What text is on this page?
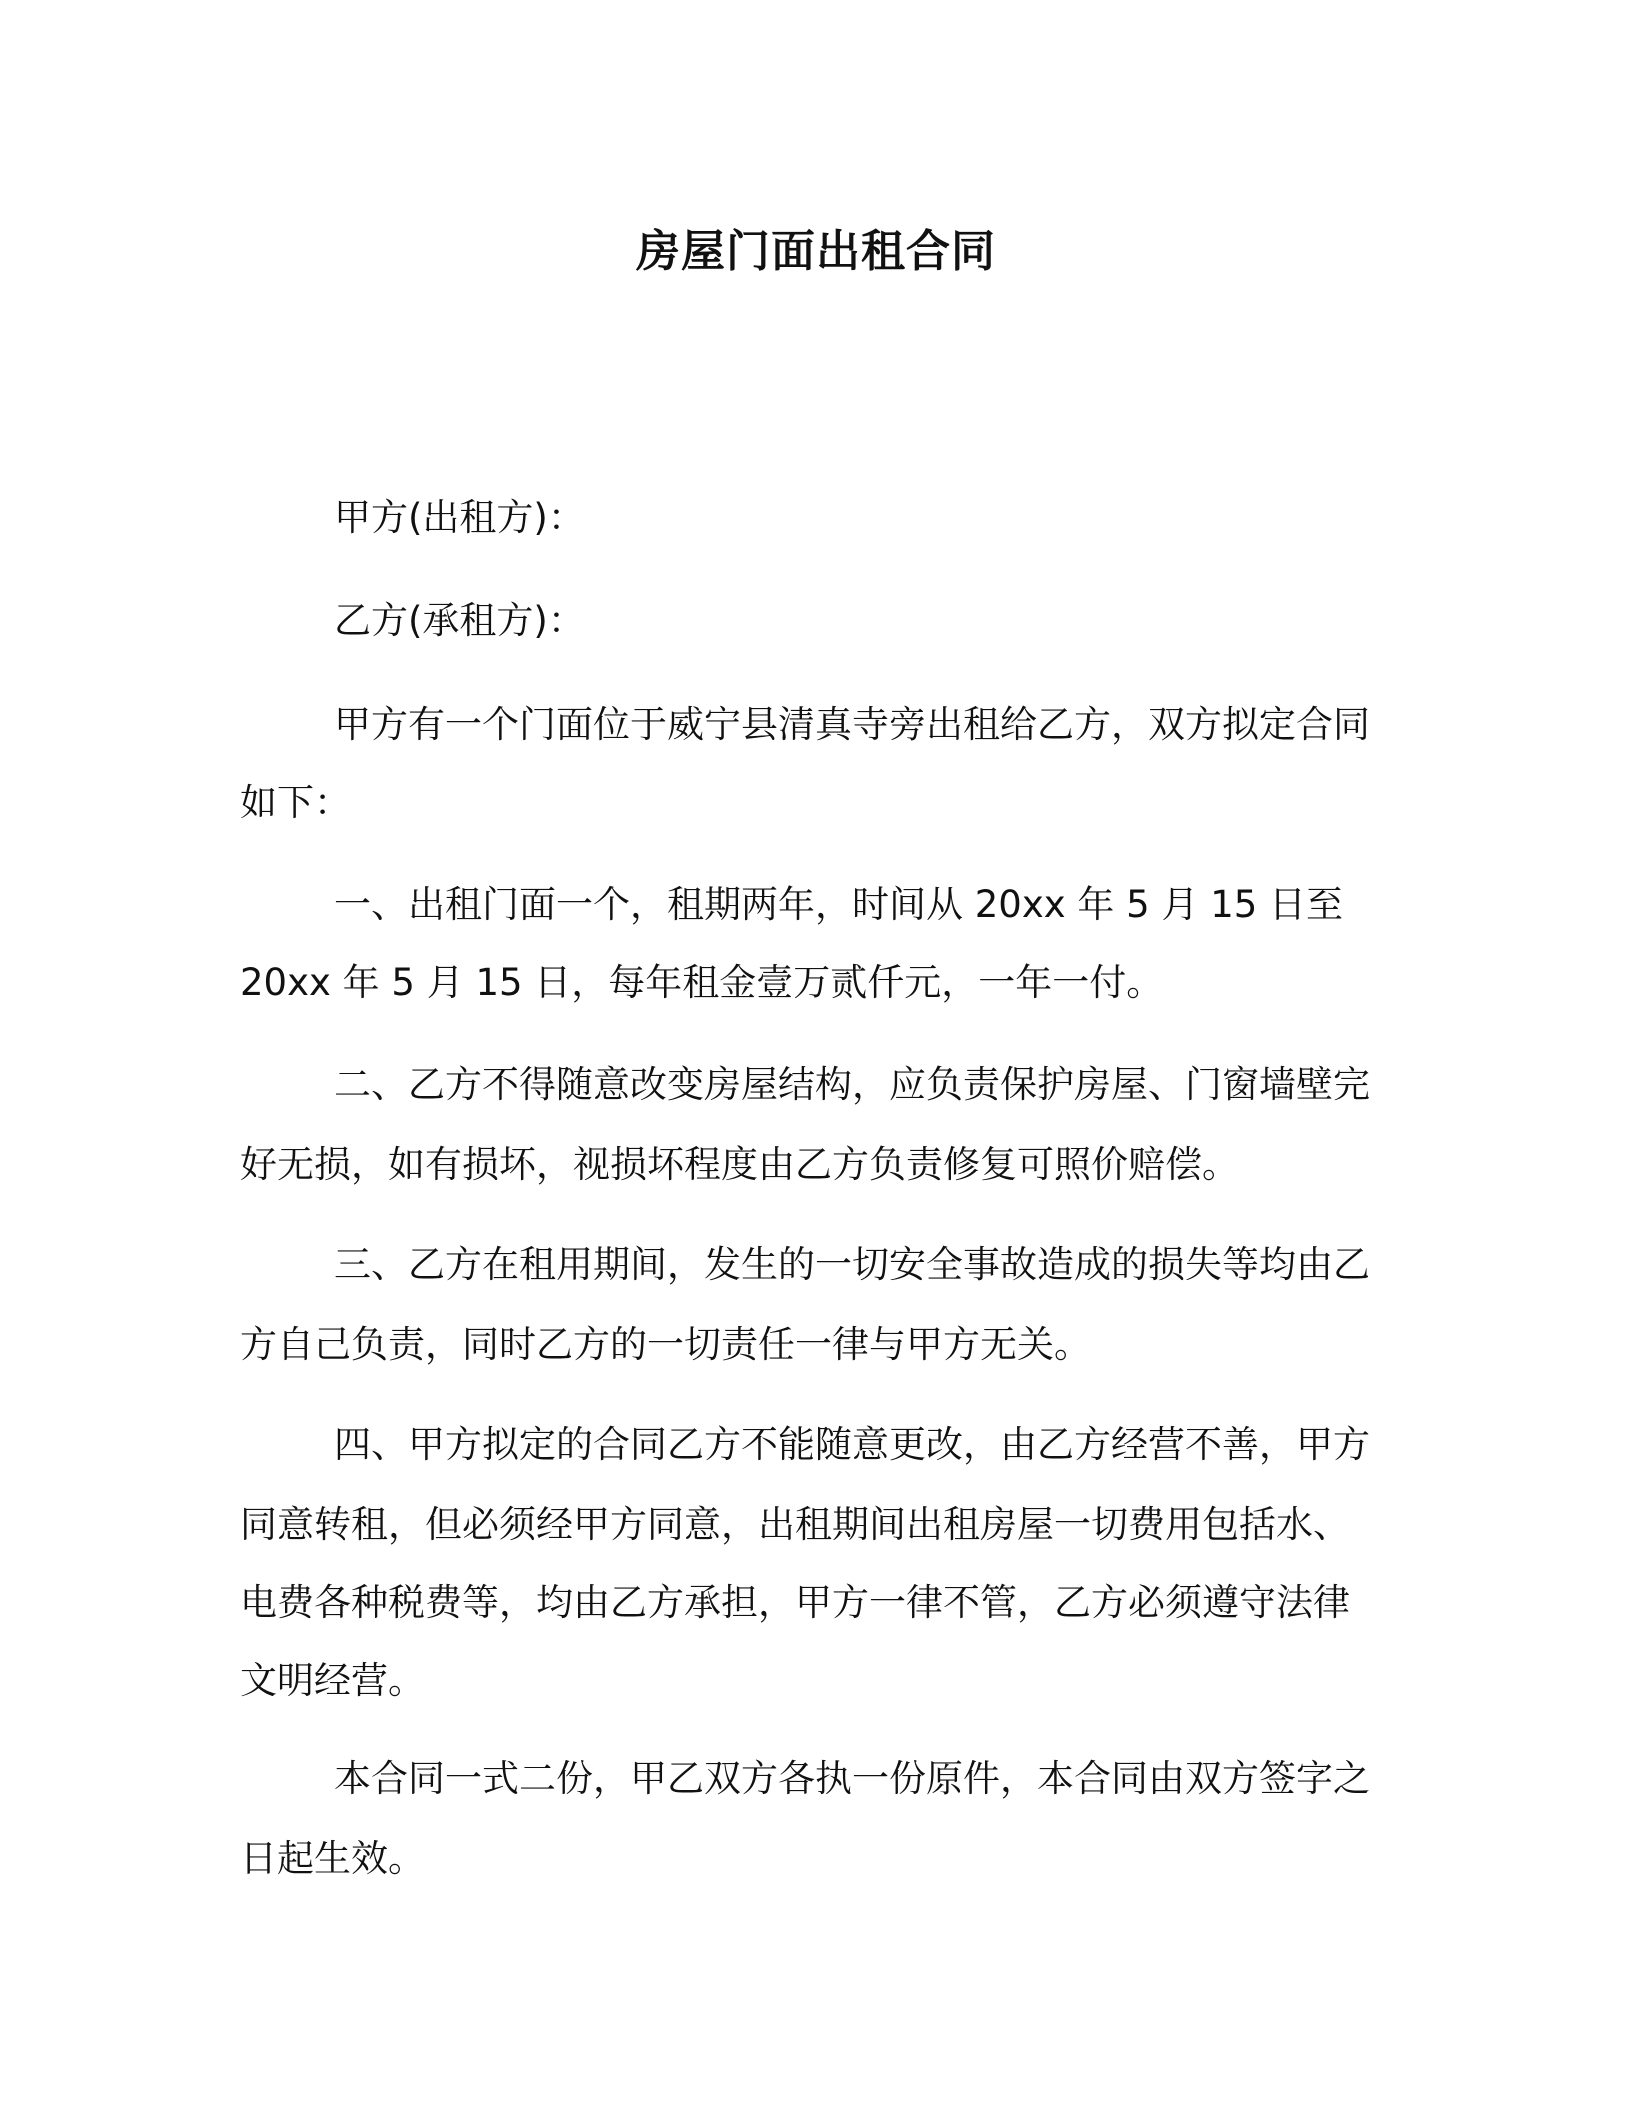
房屋门面出租合同
甲方(出租方)：
乙方(承租方)：
甲方有一个门面位于威宁县清真寺旁出租给乙方，双方拟定合同
如下：
一、出租门面一个，租期两年，时间从 20xx 年 5 月 15 日至
20xx 年 5 月 15 日，每年租金壹万贰仟元，一年一付。
二、乙方不得随意改变房屋结构，应负责保护房屋、门窗墙壁完
好无损，如有损坏，视损坏程度由乙方负责修复可照价赔偿。
三、乙方在租用期间，发生的一切安全事故造成的损失等均由乙
方自己负责，同时乙方的一切责任一律与甲方无关。
四、甲方拟定的合同乙方不能随意更改，由乙方经营不善，甲方
同意转租，但必须经甲方同意，出租期间出租房屋一切费用包括水、
电费各种税费等，均由乙方承担，甲方一律不管，乙方必须遵守法律
文明经营。
本合同一式二份，甲乙双方各执一份原件，本合同由双方签字之
日起生效。
